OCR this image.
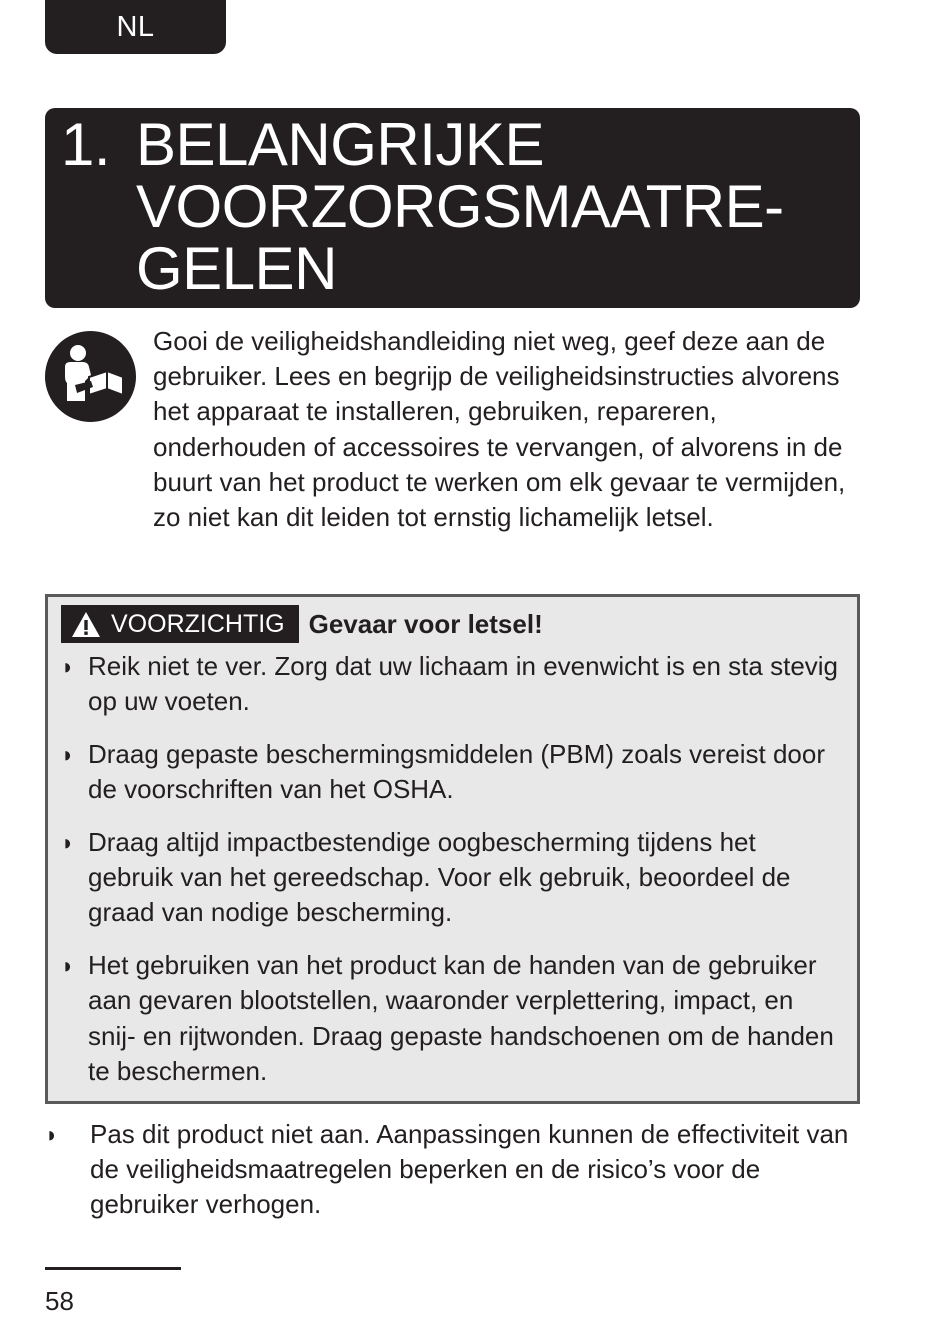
NL
1. BELANGRIJKE
VOORZORGSMAATRE-
GELEN

Gooi de veiligheidshandleiding niet weg, geef deze aan de gebruiker. Lees en begrijp de veiligheidsinstructies alvorens het apparaat te installeren, gebruiken, repareren, onderhouden of accessoires te vervangen, of alvorens in de buurt van het product te werken om elk gevaar te vermijden, zo niet kan dit leiden tot ernstig lichamelijk letsel.

VOORZICHTIG Gevaar voor letsel!
◗ Reik niet te ver. Zorg dat uw lichaam in evenwicht is en sta stevig op uw voeten.
◗ Draag gepaste beschermingsmiddelen (PBM) zoals vereist door de voorschriften van het OSHA.
◗ Draag altijd impactbestendige oogbescherming tijdens het gebruik van het gereedschap. Voor elk gebruik, beoordeel de graad van nodige bescherming.
◗ Het gebruiken van het product kan de handen van de gebruiker aan gevaren blootstellen, waaronder verplettering, impact, en snij- en rijtwonden. Draag gepaste handschoenen om de handen te beschermen.
◗ Pas dit product niet aan. Aanpassingen kunnen de effectiviteit van de veiligheidsmaatregelen beperken en de risico’s voor de gebruiker verhogen.
58
